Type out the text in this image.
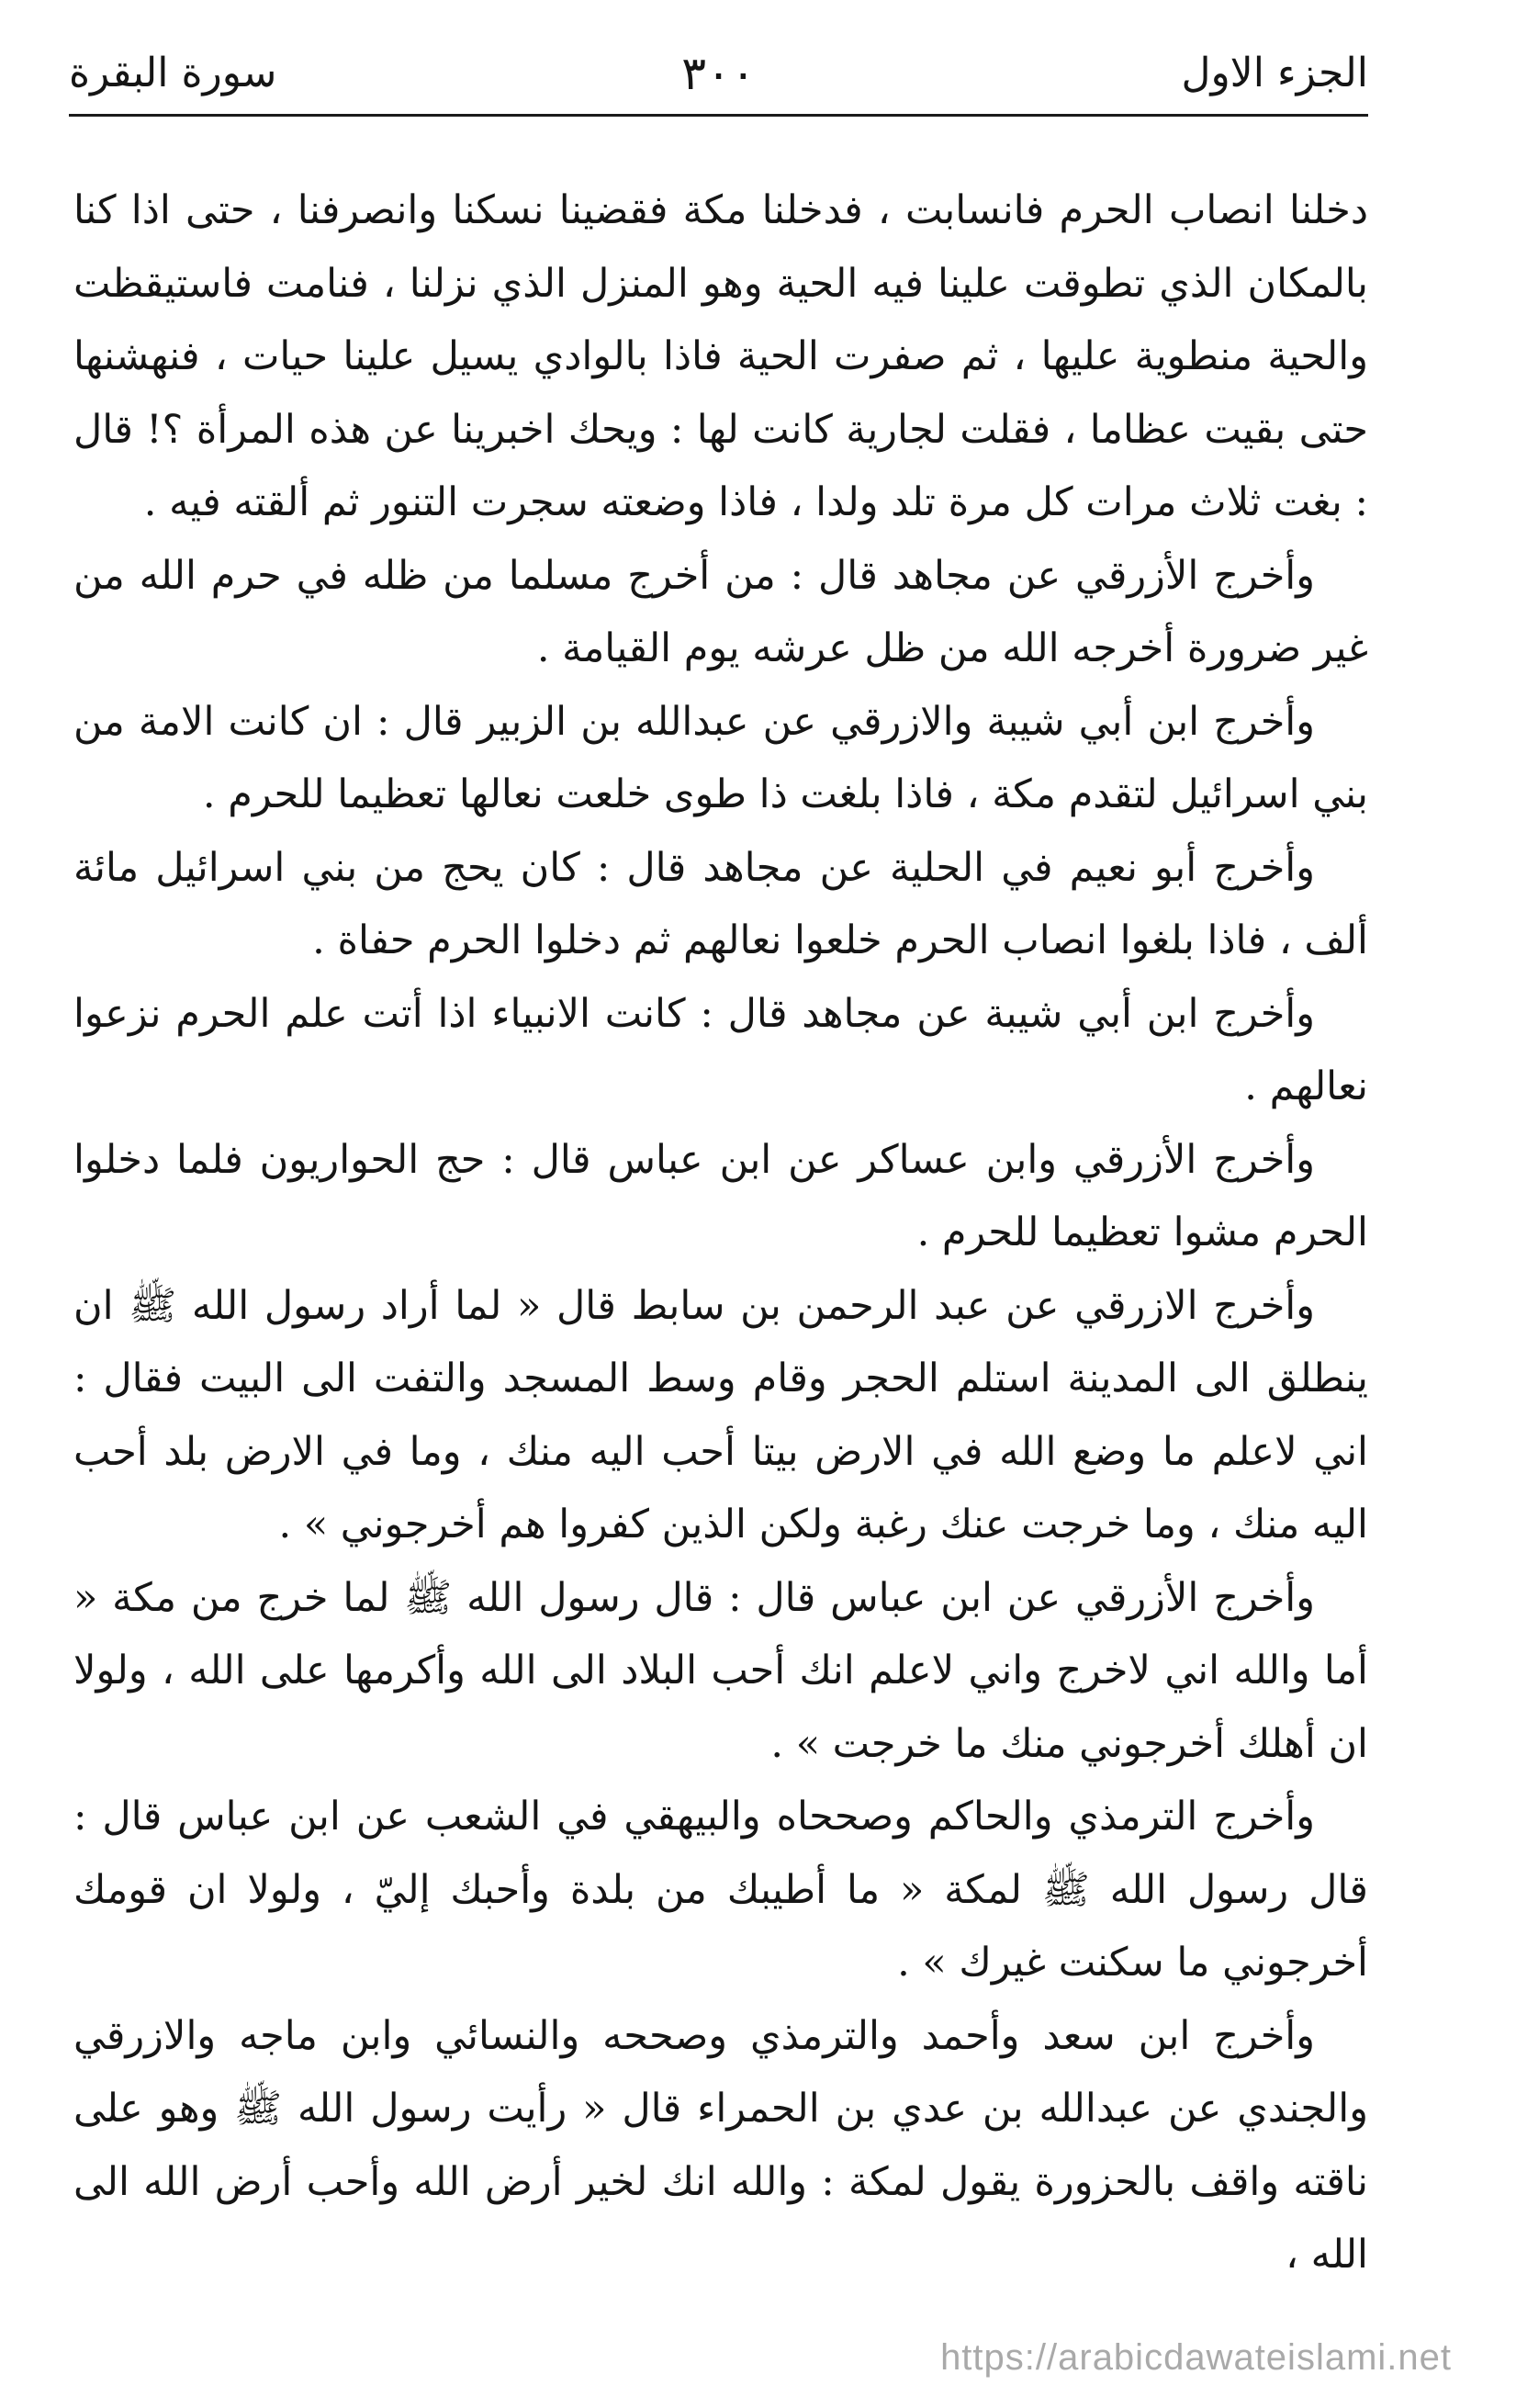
الجزء الاول
٣٠٠
سورة البقرة

دخلنا انصاب الحرم فانسابت ، فدخلنا مكة فقضينا نسكنا وانصرفنا ، حتى اذا كنا بالمكان الذي تطوقت علينا فيه الحية وهو المنزل الذي نزلنا ، فنامت فاستيقظت والحية منطوية عليها ، ثم صفرت الحية فاذا بالوادي يسيل علينا حيات ، فنهشنها حتى بقيت عظاما ، فقلت لجارية كانت لها : ويحك اخبرينا عن هذه المرأة ؟! قال : بغت ثلاث مرات كل مرة تلد ولدا ، فاذا وضعته سجرت التنور ثم ألقته فيه .

وأخرج الأزرقي عن مجاهد قال : من أخرج مسلما من ظله في حرم الله من غير ضرورة أخرجه الله من ظل عرشه يوم القيامة .

وأخرج ابن أبي شيبة والازرقي عن عبدالله بن الزبير قال : ان كانت الامة من بني اسرائيل لتقدم مكة ، فاذا بلغت ذا طوى خلعت نعالها تعظيما للحرم .

وأخرج أبو نعيم في الحلية عن مجاهد قال : كان يحج من بني اسرائيل مائة ألف ، فاذا بلغوا انصاب الحرم خلعوا نعالهم ثم دخلوا الحرم حفاة .

وأخرج ابن أبي شيبة عن مجاهد قال : كانت الانبياء اذا أتت علم الحرم نزعوا نعالهم .

وأخرج الأزرقي وابن عساكر عن ابن عباس قال : حج الحواريون فلما دخلوا الحرم مشوا تعظيما للحرم .

وأخرج الازرقي عن عبد الرحمن بن سابط قال « لما أراد رسول الله ﷺ ان ينطلق الى المدينة استلم الحجر وقام وسط المسجد والتفت الى البيت فقال : اني لاعلم ما وضع الله في الارض بيتا أحب اليه منك ، وما في الارض بلد أحب اليه منك ، وما خرجت عنك رغبة ولكن الذين كفروا هم أخرجوني » .

وأخرج الأزرقي عن ابن عباس قال : قال رسول الله ﷺ لما خرج من مكة « أما والله اني لاخرج واني لاعلم انك أحب البلاد الى الله وأكرمها على الله ، ولولا ان أهلك أخرجوني منك ما خرجت » .

وأخرج الترمذي والحاكم وصححاه والبيهقي في الشعب عن ابن عباس قال : قال رسول الله ﷺ لمكة « ما أطيبك من بلدة وأحبك إليّ ، ولولا ان قومك أخرجوني ما سكنت غيرك » .

وأخرج ابن سعد وأحمد والترمذي وصححه والنسائي وابن ماجه والازرقي والجندي عن عبدالله بن عدي بن الحمراء قال « رأيت رسول الله ﷺ وهو على ناقته واقف بالحزورة يقول لمكة : والله انك لخير أرض الله وأحب أرض الله الى الله ،

https://arabicdawateislami.net
